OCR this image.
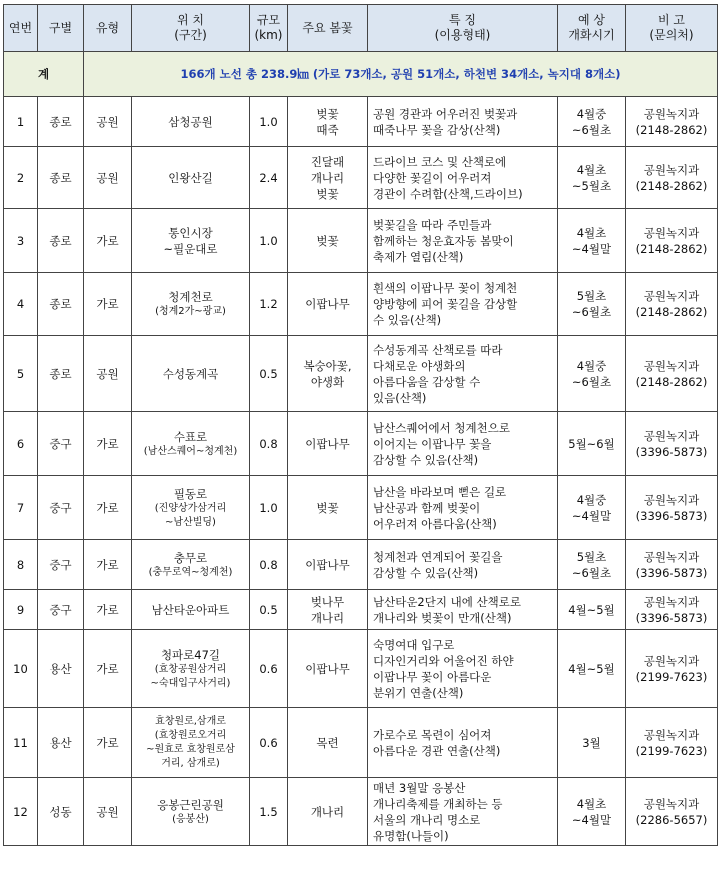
연번	구별	유형	위 치
(구간)	규모
(km)	주요 봄꽃	특 징
(이용형태)	예 상
개화시기	비 고
(문의처)

계		166개 노선 총 238.9㎞ (가로 73개소, 공원 51개소, 하천변 34개소, 녹지대 8개소)						
1	종로	공원	삼청공원	1.0	벚꽃
때죽	공원 경관과 어우러진 벚꽃과
때죽나무 꽃을 감상(산책)	4월중
~6월초	공원녹지과
(2148-2862)

2	종로	공원	인왕산길	2.4	진달래
개나리
벚꽃	드라이브 코스 및 산책로에
다양한 꽃길이 어우러져
경관이 수려함(산책,드라이브)	4월초
~5월초	공원녹지과
(2148-2862)

3	종로	가로	통인시장
~필운대로	1.0	벚꽃	벚꽃길을 따라 주민들과
함께하는 청운효자동 봄맞이
축제가 열림(산책)	4월초
~4월말	공원녹지과
(2148-2862)

4	종로	가로	청계천로
(청계2가~광교)	1.2	이팝나무	흰색의 이팝나무 꽃이 청계천
양방향에 피어 꽃길을 감상할
수 있음(산책)	5월초
~6월초	공원녹지과
(2148-2862)

5	종로	공원	수성동계곡	0.5	복숭아꽃,
야생화	수성동계곡 산책로를 따라
다채로운 야생화의
아름다움을 감상할 수
있음(산책)	4월중
~6월초	공원녹지과
(2148-2862)

6	중구	가로	수표로
(남산스퀘어~청계천)	0.8	이팝나무	남산스퀘어에서 청계천으로
이어지는 이팝나무 꽃을
감상할 수 있음(산책)	5월~6월	공원녹지과
(3396-5873)

7	중구	가로	필동로
(진양상가삼거리
~남산빌딩)	1.0	벚꽃	남산을 바라보며 뻗은 길로
남산공과 함께 벚꽃이
어우러져 아름다움(산책)	4월중
~4월말	공원녹지과
(3396-5873)

8	중구	가로	충무로
(충무로역~청계천)	0.8	이팝나무	청계천과 연계되어 꽃길을
감상할 수 있음(산책)	5월초
~6월초	공원녹지과
(3396-5873)

9	중구	가로	남산타운아파트	0.5	벚나무
개나리	남산타운2단지 내에 산책로로
개나리와 벚꽃이 만개(산책)	4월~5월	공원녹지과
(3396-5873)

10	용산	가로	청파로47길
(효창공원삼거리
~숙대입구사거리)	0.6	이팝나무	숙명여대 입구로
디자인거리와 어울어진 하얀
이팝나무 꽃이 아름다운
분위기 연출(산책)	4월~5월	공원녹지과
(2199-7623)

11	용산	가로	효창원로,삼개로
(효창원로오거리
~원효로 효창원로삼
거리, 삼개로)	0.6	목련	가로수로 목련이 심어져
아름다운 경관 연출(산책)	3월	공원녹지과
(2199-7623)

12	성동	공원	응봉근린공원
(응봉산)	1.5	개나리	매년 3월말 응봉산
개나리축제를 개최하는 등
서울의 개나리 명소로
유명함(나들이)	4월초
~4월말	공원녹지과
(2286-5657)
